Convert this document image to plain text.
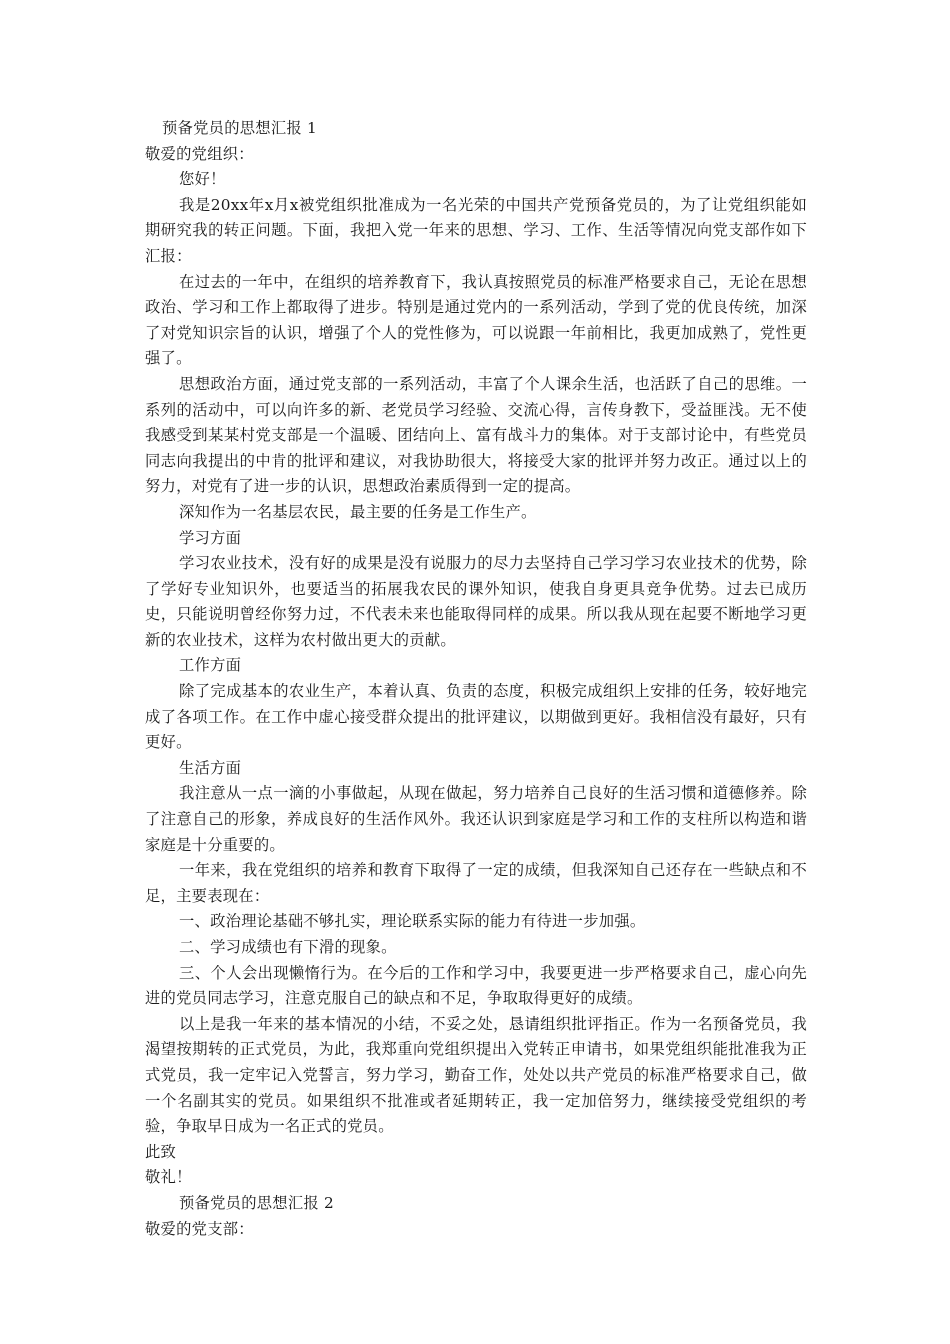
预备党员的思想汇报 1

敬爱的党组织：

您好！

我是20xx年x月x被党组织批准成为一名光荣的中国共产党预备党员的，为了让党组织能如期研究我的转正问题。下面，我把入党一年来的思想、学习、工作、生活等情况向党支部作如下汇报：

在过去的一年中，在组织的培养教育下，我认真按照党员的标准严格要求自己，无论在思想政治、学习和工作上都取得了进步。特别是通过党内的一系列活动，学到了党的优良传统，加深了对党知识宗旨的认识，增强了个人的党性修为，可以说跟一年前相比，我更加成熟了，党性更强了。

思想政治方面，通过党支部的一系列活动，丰富了个人课余生活，也活跃了自己的思维。一系列的活动中，可以向许多的新、老党员学习经验、交流心得，言传身教下，受益匪浅。无不使我感受到某某村党支部是一个温暖、团结向上、富有战斗力的集体。对于支部讨论中，有些党员同志向我提出的中肯的批评和建议，对我协助很大，将接受大家的批评并努力改正。通过以上的努力，对党有了进一步的认识，思想政治素质得到一定的提高。

深知作为一名基层农民，最主要的任务是工作生产。

学习方面

学习农业技术，没有好的成果是没有说服力的尽力去坚持自己学习学习农业技术的优势，除了学好专业知识外，也要适当的拓展我农民的课外知识，使我自身更具竞争优势。过去已成历史，只能说明曾经你努力过，不代表未来也能取得同样的成果。所以我从现在起要不断地学习更新的农业技术，这样为农村做出更大的贡献。

工作方面

除了完成基本的农业生产，本着认真、负责的态度，积极完成组织上安排的任务，较好地完成了各项工作。在工作中虚心接受群众提出的批评建议，以期做到更好。我相信没有最好，只有更好。

生活方面

我注意从一点一滴的小事做起，从现在做起，努力培养自己良好的生活习惯和道德修养。除了注意自己的形象，养成良好的生活作风外。我还认识到家庭是学习和工作的支柱所以构造和谐家庭是十分重要的。

一年来，我在党组织的培养和教育下取得了一定的成绩，但我深知自己还存在一些缺点和不足，主要表现在：

一、政治理论基础不够扎实，理论联系实际的能力有待进一步加强。

二、学习成绩也有下滑的现象。

三、个人会出现懒惰行为。在今后的工作和学习中，我要更进一步严格要求自己，虚心向先进的党员同志学习，注意克服自己的缺点和不足，争取取得更好的成绩。

以上是我一年来的基本情况的小结，不妥之处，恳请组织批评指正。作为一名预备党员，我渴望按期转的正式党员，为此，我郑重向党组织提出入党转正申请书，如果党组织能批准我为正式党员，我一定牢记入党誓言，努力学习，勤奋工作，处处以共产党员的标准严格要求自己，做一个名副其实的党员。如果组织不批准或者延期转正，我一定加倍努力，继续接受党组织的考验，争取早日成为一名正式的党员。

此致

敬礼！

预备党员的思想汇报 2

敬爱的党支部：
